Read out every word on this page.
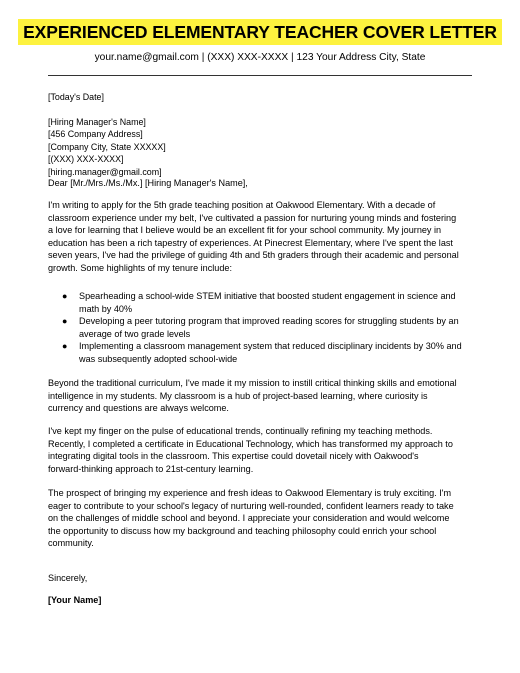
EXPERIENCED ELEMENTARY TEACHER COVER LETTER
your.name@gmail.com | (XXX) XXX-XXXX | 123 Your Address City, State
[Today's Date]
[Hiring Manager's Name]
[456 Company Address]
[Company City, State XXXXX]
[(XXX) XXX-XXXX]
[hiring.manager@gmail.com]
Dear [Mr./Mrs./Ms./Mx.] [Hiring Manager's Name],
I'm writing to apply for the 5th grade teaching position at Oakwood Elementary. With a decade of
classroom experience under my belt, I've cultivated a passion for nurturing young minds and fostering
a love for learning that I believe would be an excellent fit for your school community. My journey in
education has been a rich tapestry of experiences. At Pinecrest Elementary, where I've spent the last
seven years, I've had the privilege of guiding 4th and 5th graders through their academic and personal
growth. Some highlights of my tenure include:
● Spearheading a school-wide STEM initiative that boosted student engagement in science and
math by 40%
● Developing a peer tutoring program that improved reading scores for struggling students by an
average of two grade levels
● Implementing a classroom management system that reduced disciplinary incidents by 30% and
was subsequently adopted school-wide
Beyond the traditional curriculum, I've made it my mission to instill critical thinking skills and emotional
intelligence in my students. My classroom is a hub of project-based learning, where curiosity is
currency and questions are always welcome.
I've kept my finger on the pulse of educational trends, continually refining my teaching methods.
Recently, I completed a certificate in Educational Technology, which has transformed my approach to
integrating digital tools in the classroom. This expertise could dovetail nicely with Oakwood's
forward-thinking approach to 21st-century learning.
The prospect of bringing my experience and fresh ideas to Oakwood Elementary is truly exciting. I'm
eager to contribute to your school's legacy of nurturing well-rounded, confident learners ready to take
on the challenges of middle school and beyond. I appreciate your consideration and would welcome
the opportunity to discuss how my background and teaching philosophy could enrich your school
community.
Sincerely,
[Your Name]
